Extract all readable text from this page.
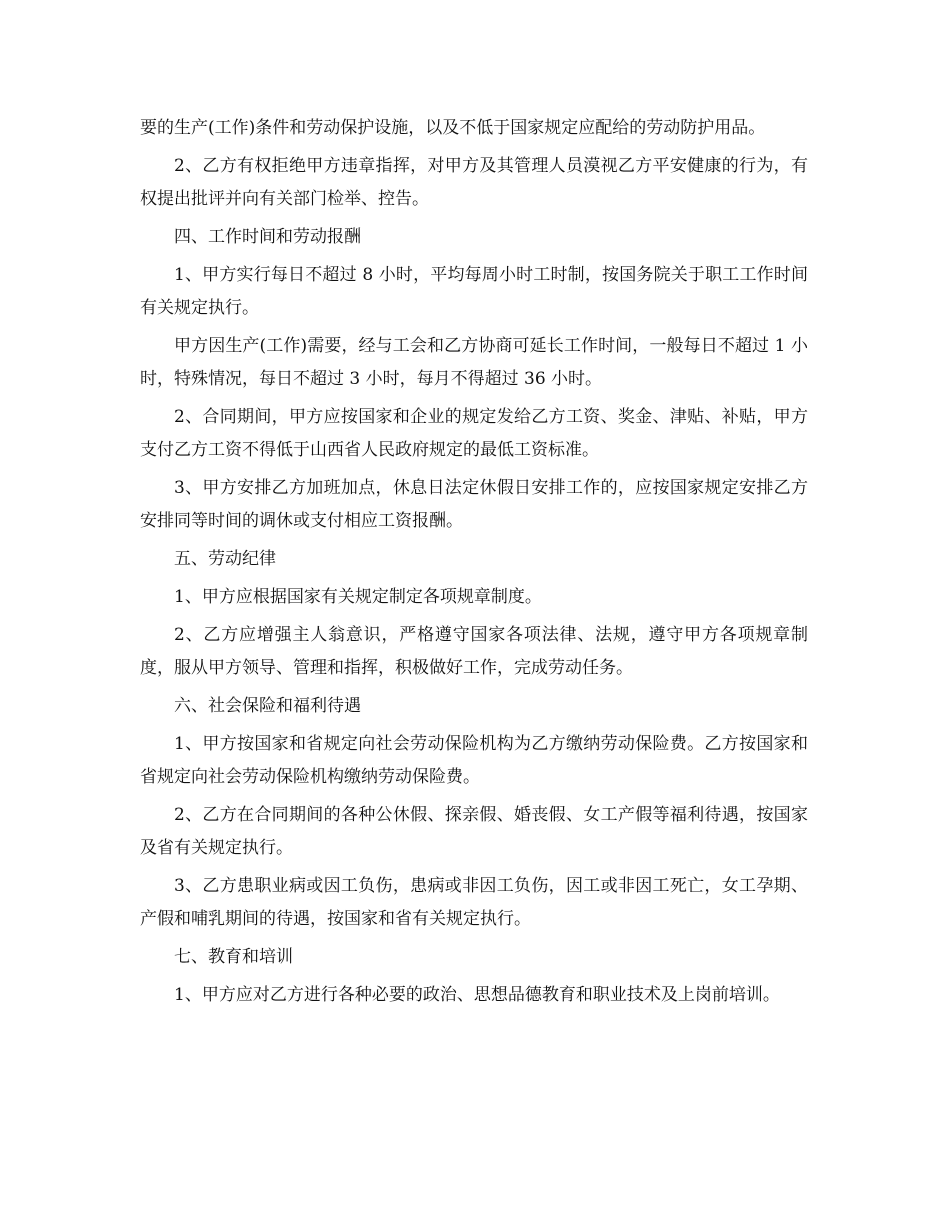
要的生产(工作)条件和劳动保护设施，以及不低于国家规定应配给的劳动防护用品。

2、乙方有权拒绝甲方违章指挥，对甲方及其管理人员漠视乙方平安健康的行为，有权提出批评并向有关部门检举、控告。

四、工作时间和劳动报酬

1、甲方实行每日不超过 8 小时，平均每周小时工时制，按国务院关于职工工作时间有关规定执行。

甲方因生产(工作)需要，经与工会和乙方协商可延长工作时间，一般每日不超过 1 小时，特殊情况，每日不超过 3 小时，每月不得超过 36 小时。

2、合同期间，甲方应按国家和企业的规定发给乙方工资、奖金、津贴、补贴，甲方支付乙方工资不得低于山西省人民政府规定的最低工资标准。

3、甲方安排乙方加班加点，休息日法定休假日安排工作的，应按国家规定安排乙方安排同等时间的调休或支付相应工资报酬。

五、劳动纪律

1、甲方应根据国家有关规定制定各项规章制度。

2、乙方应增强主人翁意识，严格遵守国家各项法律、法规，遵守甲方各项规章制度，服从甲方领导、管理和指挥，积极做好工作，完成劳动任务。

六、社会保险和福利待遇

1、甲方按国家和省规定向社会劳动保险机构为乙方缴纳劳动保险费。乙方按国家和省规定向社会劳动保险机构缴纳劳动保险费。

2、乙方在合同期间的各种公休假、探亲假、婚丧假、女工产假等福利待遇，按国家及省有关规定执行。

3、乙方患职业病或因工负伤，患病或非因工负伤，因工或非因工死亡，女工孕期、产假和哺乳期间的待遇，按国家和省有关规定执行。

七、教育和培训

1、甲方应对乙方进行各种必要的政治、思想品德教育和职业技术及上岗前培训。
